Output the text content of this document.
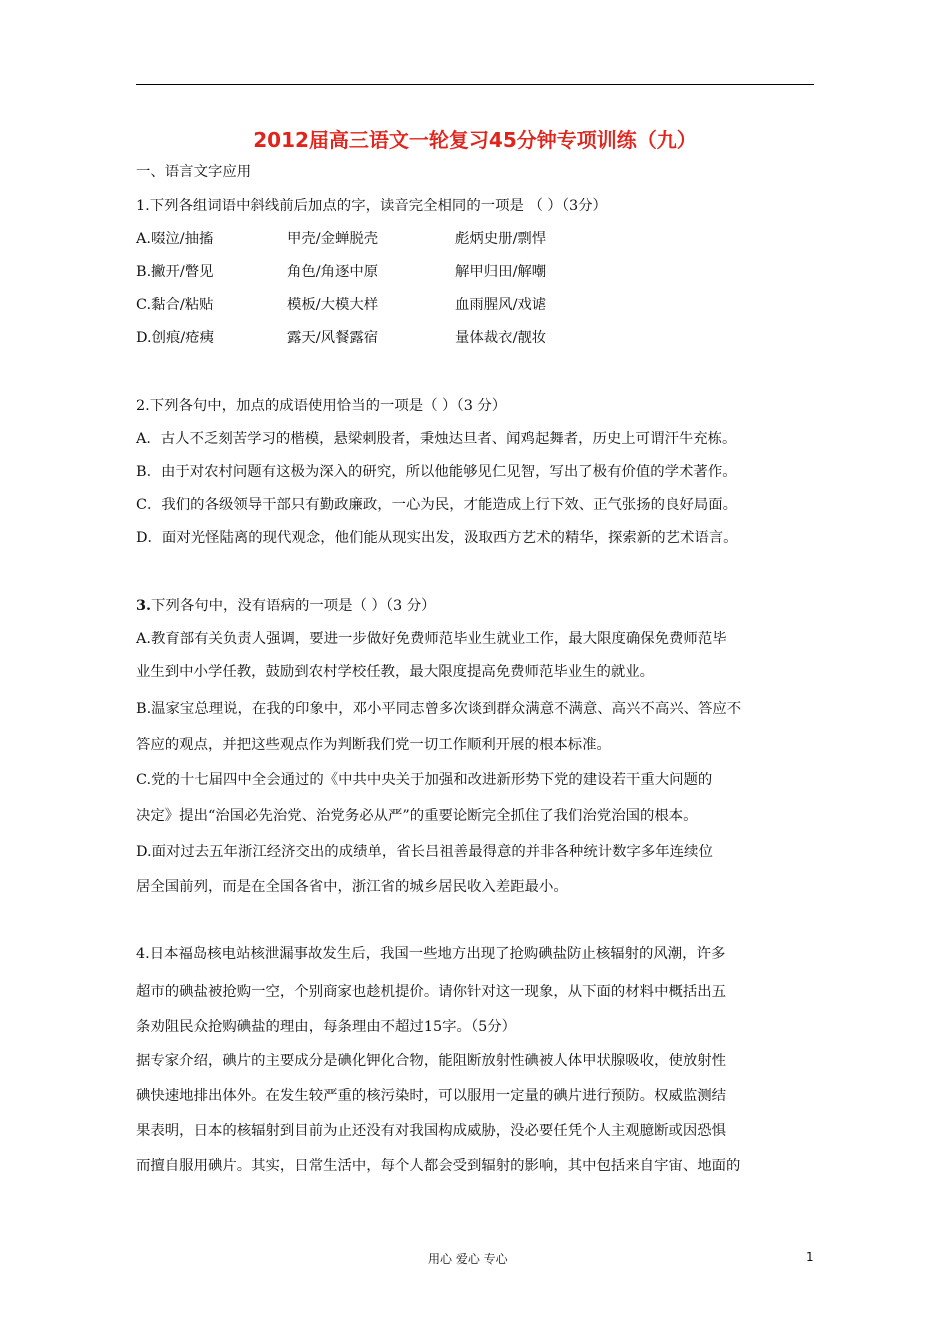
2012届高三语文一轮复习45分钟专项训练（九）
一、语言文字应用
1.下列各组词语中斜线前后加点的字，读音完全相同的一项是 （ ）（3分）
A.啜泣/抽搐	甲壳/金蝉脱壳	彪炳史册/剽悍
B.撇开/瞥见	角色/角逐中原	解甲归田/解嘲
C.黏合/粘贴	模板/大模大样	血雨腥风/戏谑
D.创痕/疮痍	露天/风餐露宿	量体裁衣/靓妆
2.下列各句中，加点的成语使用恰当的一项是（ ）（3 分）
A．古人不乏刻苦学习的楷模，悬梁刺股者，秉烛达旦者、闻鸡起舞者，历史上可谓汗牛充栋。
B．由于对农村问题有这极为深入的研究，所以他能够见仁见智，写出了极有价值的学术著作。
C．我们的各级领导干部只有勤政廉政，一心为民，才能造成上行下效、正气张扬的良好局面。
D．面对光怪陆离的现代观念，他们能从现实出发，汲取西方艺术的精华，探索新的艺术语言。
3.下列各句中，没有语病的一项是（ ）（3 分）
A.教育部有关负责人强调，要进一步做好免费师范毕业生就业工作，最大限度确保免费师范毕
业生到中小学任教，鼓励到农村学校任教，最大限度提高免费师范毕业生的就业。
B.温家宝总理说，在我的印象中，邓小平同志曾多次谈到群众满意不满意、高兴不高兴、答应不
答应的观点，并把这些观点作为判断我们党一切工作顺利开展的根本标准。
C.党的十七届四中全会通过的《中共中央关于加强和改进新形势下党的建设若干重大问题的
决定》提出“治国必先治党、治党务必从严”的重要论断完全抓住了我们治党治国的根本。
D.面对过去五年浙江经济交出的成绩单，省长吕祖善最得意的并非各种统计数字多年连续位
居全国前列，而是在全国各省中，浙江省的城乡居民收入差距最小。
4.日本福岛核电站核泄漏事故发生后，我国一些地方出现了抢购碘盐防止核辐射的风潮，许多
超市的碘盐被抢购一空，个别商家也趁机提价。请你针对这一现象，从下面的材料中概括出五
条劝阻民众抢购碘盐的理由，每条理由不超过15字。（5分）
据专家介绍，碘片的主要成分是碘化钾化合物，能阻断放射性碘被人体甲状腺吸收，使放射性
碘快速地排出体外。在发生较严重的核污染时，可以服用一定量的碘片进行预防。权威监测结
果表明，日本的核辐射到目前为止还没有对我国构成威胁，没必要任凭个人主观臆断或因恐惧
而擅自服用碘片。其实，日常生活中，每个人都会受到辐射的影响，其中包括来自宇宙、地面的
用心 爱心 专心	1
